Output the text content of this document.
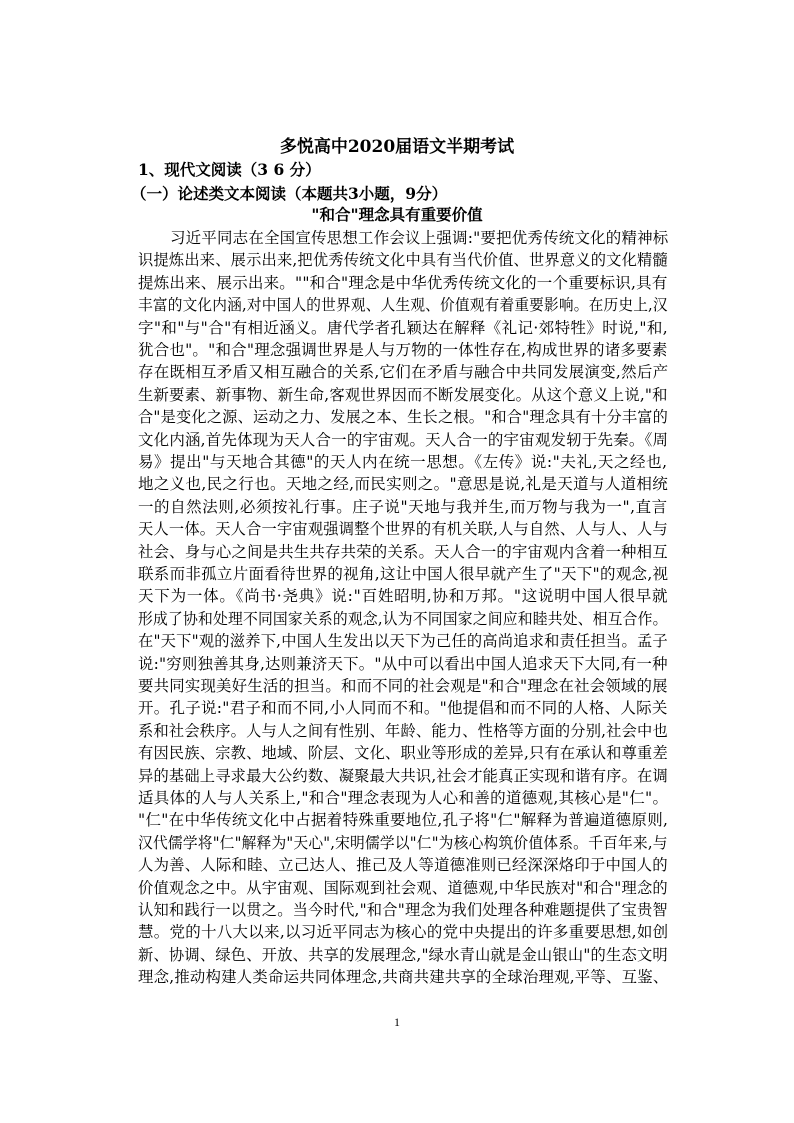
多悦高中2020届语文半期考试
1、现代文阅读（3 6 分）
（一）论述类文本阅读（本题共3小题，9分）
"和合"理念具有重要价值
习近平同志在全国宣传思想工作会议上强调:"要把优秀传统文化的精神标
识提炼出来、展示出来,把优秀传统文化中具有当代价值、世界意义的文化精髓
提炼出来、展示出来。""和合"理念是中华优秀传统文化的一个重要标识,具有
丰富的文化内涵,对中国人的世界观、人生观、价值观有着重要影响。在历史上,汉
字"和"与"合"有相近涵义。唐代学者孔颖达在解释《礼记·郊特牲》时说,"和,
犹合也"。"和合"理念强调世界是人与万物的一体性存在,构成世界的诸多要素
存在既相互矛盾又相互融合的关系,它们在矛盾与融合中共同发展演变,然后产
生新要素、新事物、新生命,客观世界因而不断发展变化。从这个意义上说,"和
合"是变化之源、运动之力、发展之本、生长之根。"和合"理念具有十分丰富的
文化内涵,首先体现为天人合一的宇宙观。天人合一的宇宙观发轫于先秦。《周
易》提出"与天地合其德"的天人内在统一思想。《左传》说:"夫礼,天之经也,
地之义也,民之行也。天地之经,而民实则之。"意思是说,礼是天道与人道相统
一的自然法则,必须按礼行事。庄子说"天地与我并生,而万物与我为一",直言
天人一体。天人合一宇宙观强调整个世界的有机关联,人与自然、人与人、人与
社会、身与心之间是共生共存共荣的关系。天人合一的宇宙观内含着一种相互
联系而非孤立片面看待世界的视角,这让中国人很早就产生了"天下"的观念,视
天下为一体。《尚书·尧典》说:"百姓昭明,协和万邦。"这说明中国人很早就
形成了协和处理不同国家关系的观念,认为不同国家之间应和睦共处、相互合作。
在"天下"观的滋养下,中国人生发出以天下为己任的高尚追求和责任担当。孟子
说:"穷则独善其身,达则兼济天下。"从中可以看出中国人追求天下大同,有一种
要共同实现美好生活的担当。和而不同的社会观是"和合"理念在社会领域的展
开。孔子说:"君子和而不同,小人同而不和。"他提倡和而不同的人格、人际关
系和社会秩序。人与人之间有性别、年龄、能力、性格等方面的分别,社会中也
有因民族、宗教、地域、阶层、文化、职业等形成的差异,只有在承认和尊重差
异的基础上寻求最大公约数、凝聚最大共识,社会才能真正实现和谐有序。在调
适具体的人与人关系上,"和合"理念表现为人心和善的道德观,其核心是"仁"。
"仁"在中华传统文化中占据着特殊重要地位,孔子将"仁"解释为普遍道德原则,
汉代儒学将"仁"解释为"天心",宋明儒学以"仁"为核心构筑价值体系。千百年来,与
人为善、人际和睦、立己达人、推己及人等道德准则已经深深烙印于中国人的
价值观念之中。从宇宙观、国际观到社会观、道德观,中华民族对"和合"理念的
认知和践行一以贯之。当今时代,"和合"理念为我们处理各种难题提供了宝贵智
慧。党的十八大以来,以习近平同志为核心的党中央提出的许多重要思想,如创
新、协调、绿色、开放、共享的发展理念,"绿水青山就是金山银山"的生态文明
理念,推动构建人类命运共同体理念,共商共建共享的全球治理观,平等、互鉴、
1
